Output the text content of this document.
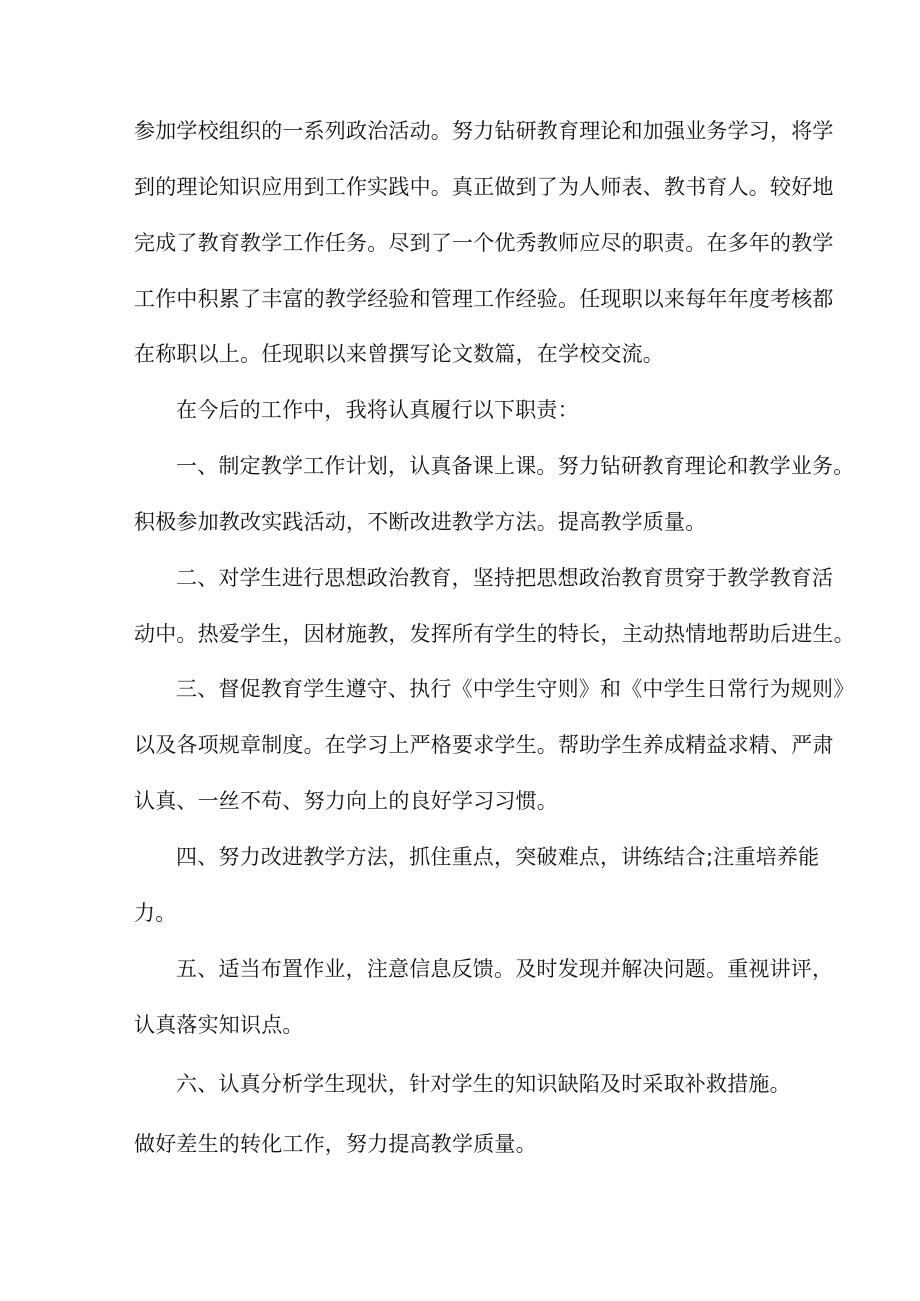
参加学校组织的一系列政治活动。努力钻研教育理论和加强业务学习，将学
到的理论知识应用到工作实践中。真正做到了为人师表、教书育人。较好地
完成了教育教学工作任务。尽到了一个优秀教师应尽的职责。在多年的教学
工作中积累了丰富的教学经验和管理工作经验。任现职以来每年年度考核都
在称职以上。任现职以来曾撰写论文数篇，在学校交流。
在今后的工作中，我将认真履行以下职责：
一、制定教学工作计划，认真备课上课。努力钻研教育理论和教学业务。
积极参加教改实践活动，不断改进教学方法。提高教学质量。
二、对学生进行思想政治教育，坚持把思想政治教育贯穿于教学教育活
动中。热爱学生，因材施教，发挥所有学生的特长，主动热情地帮助后进生。
三、督促教育学生遵守、执行《中学生守则》和《中学生日常行为规则》
以及各项规章制度。在学习上严格要求学生。帮助学生养成精益求精、严肃
认真、一丝不苟、努力向上的良好学习习惯。
四、努力改进教学方法，抓住重点，突破难点，讲练结合;注重培养能
力。
五、适当布置作业，注意信息反馈。及时发现并解决问题。重视讲评，
认真落实知识点。
六、认真分析学生现状，针对学生的知识缺陷及时采取补救措施。
做好差生的转化工作，努力提高教学质量。
